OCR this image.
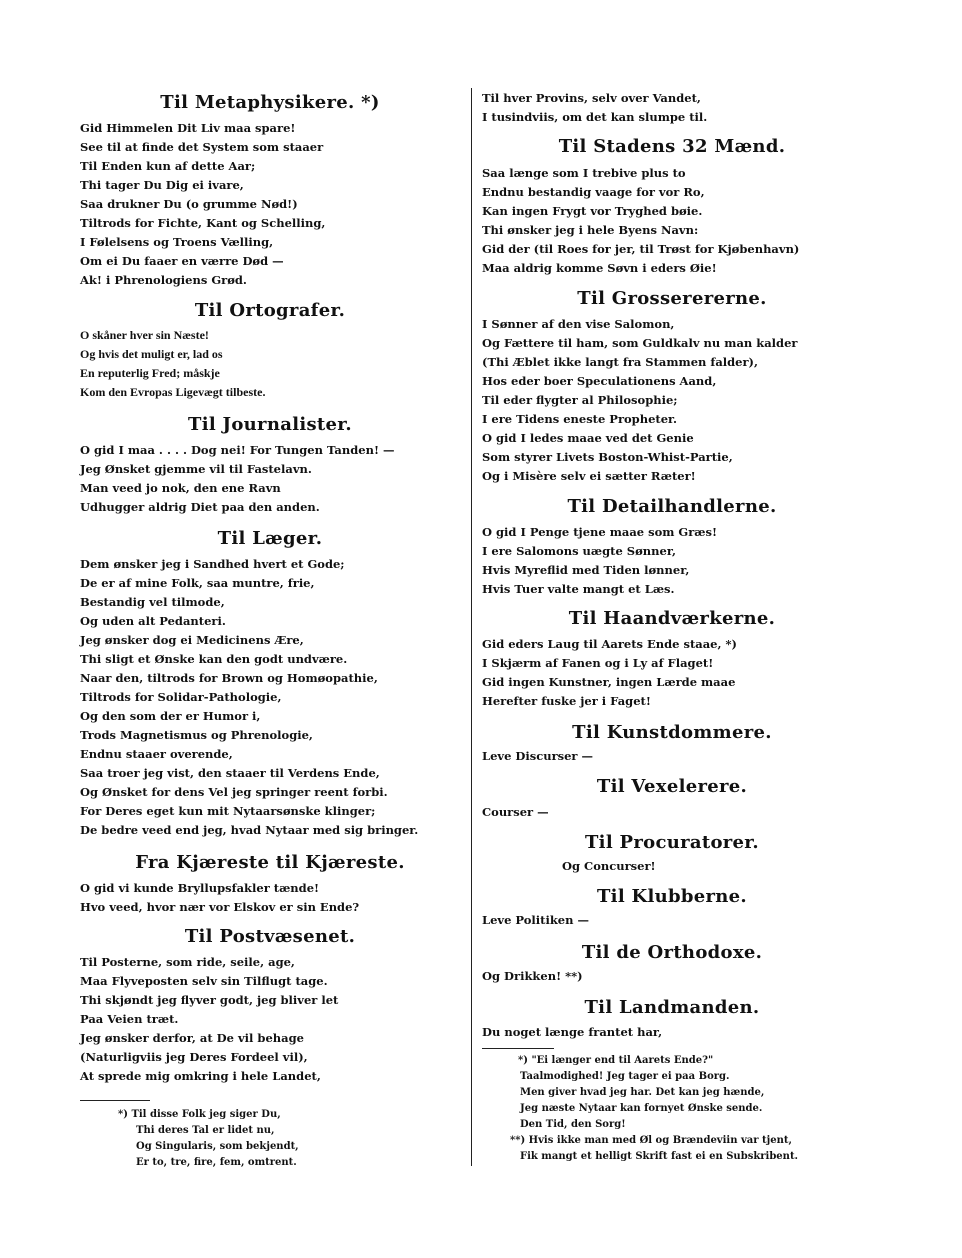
Til Metaphysikere. *)
Gid Himmelen Dit Liv maa spare!
See til at finde det System som staaer
Til Enden kun af dette Aar;
Thi tager Du Dig ei ivare,
Saa drukner Du (o grumme Nød!)
Tiltrods for Fichte, Kant og Schelling,
I Følelsens og Troens Vælling,
Om ei Du faaer en værre Død —
Ak! i Phrenologiens Grød.
Til Ortografer.
O skåner hver sin Næste!
Og hvis det muligt er, lad os
En reputerlig Fred; måskje
Kom den Evropas Ligevægt tilbeste.
Til Journalister.
O gid I maa . . . . Dog nei! For Tungen Tanden! —
Jeg Ønsket gjemme vil til Fastelavn.
Man veed jo nok, den ene Ravn
Udhugger aldrig Diet paa den anden.
Til Læger.
Dem ønsker jeg i Sandhed hvert et Gode;
De er af mine Folk, saa muntre, frie,
Bestandig vel tilmode,
Og uden alt Pedanteri.
Jeg ønsker dog ei Medicinens Ære,
Thi sligt et Ønske kan den godt undvære.
Naar den, tiltrods for Brown og Homøopathie,
Tiltrods for Solidar-Pathologie,
Og den som der er Humor i,
Trods Magnetismus og Phrenologie,
Endnu staaer overende,
Saa troer jeg vist, den staaer til Verdens Ende,
Og Ønsket for dens Vel jeg springer reent forbi.
For Deres eget kun mit Nytaarsønske klinger;
De bedre veed end jeg, hvad Nytaar med sig bringer.
Fra Kjæreste til Kjæreste.
O gid vi kunde Bryllupsfakler tænde!
Hvo veed, hvor nær vor Elskov er sin Ende?
Til Postvæsenet.
Til Posterne, som ride, seile, age,
Maa Flyveposten selv sin Tilflugt tage.
Thi skjøndt jeg flyver godt, jeg bliver let
Paa Veien træt.
Jeg ønsker derfor, at De vil behage
(Naturligviis jeg Deres Fordeel vil),
At sprede mig omkring i hele Landet,
*) Til disse Folk jeg siger Du,
Thi deres Tal er lidet nu,
Og Singularis, som bekjendt,
Er to, tre, fire, fem, omtrent.
Til hver Provins, selv over Vandet,
I tusindviis, om det kan slumpe til.
Til Stadens 32 Mænd.
Saa længe som I trebive plus to
Endnu bestandig vaage for vor Ro,
Kan ingen Frygt vor Tryghed bøie.
Thi ønsker jeg i hele Byens Navn:
Gid der (til Roes for jer, til Trøst for Kjøbenhavn)
Maa aldrig komme Søvn i eders Øie!
Til Grosserererne.
I Sønner af den vise Salomon,
Og Fættere til ham, som Guldkalv nu man kalder
(Thi Æblet ikke langt fra Stammen falder),
Hos eder boer Speculationens Aand,
Til eder flygter al Philosophie;
I ere Tidens eneste Propheter.
O gid I ledes maae ved det Genie
Som styrer Livets Boston-Whist-Partie,
Og i Misère selv ei sætter Ræter!
Til Detailhandlerne.
O gid I Penge tjene maae som Græs!
I ere Salomons uægte Sønner,
Hvis Myreflid med Tiden lønner,
Hvis Tuer valte mangt et Læs.
Til Haandværkerne.
Gid eders Laug til Aarets Ende staae, *)
I Skjærm af Fanen og i Ly af Flaget!
Gid ingen Kunstner, ingen Lærde maae
Herefter fuske jer i Faget!
Til Kunstdommere.
Leve Discurser —
Til Vexelerere.
Courser —
Til Procuratorer.
Og Concurser!
Til Klubberne.
Leve Politiken —
Til de Orthodoxe.
Og Drikken! **)
Til Landmanden.
Du noget længe frantet har,
*) "Ei længer end til Aarets Ende?"
Taalmodighed! Jeg tager ei paa Borg.
Men giver hvad jeg har. Det kan jeg hænde,
Jeg næste Nytaar kan fornyet Ønske sende.
Den Tid, den Sorg!
**) Hvis ikke man med Øl og Brændeviin var tjent,
Fik mangt et helligt Skrift fast ei en Subskribent.
